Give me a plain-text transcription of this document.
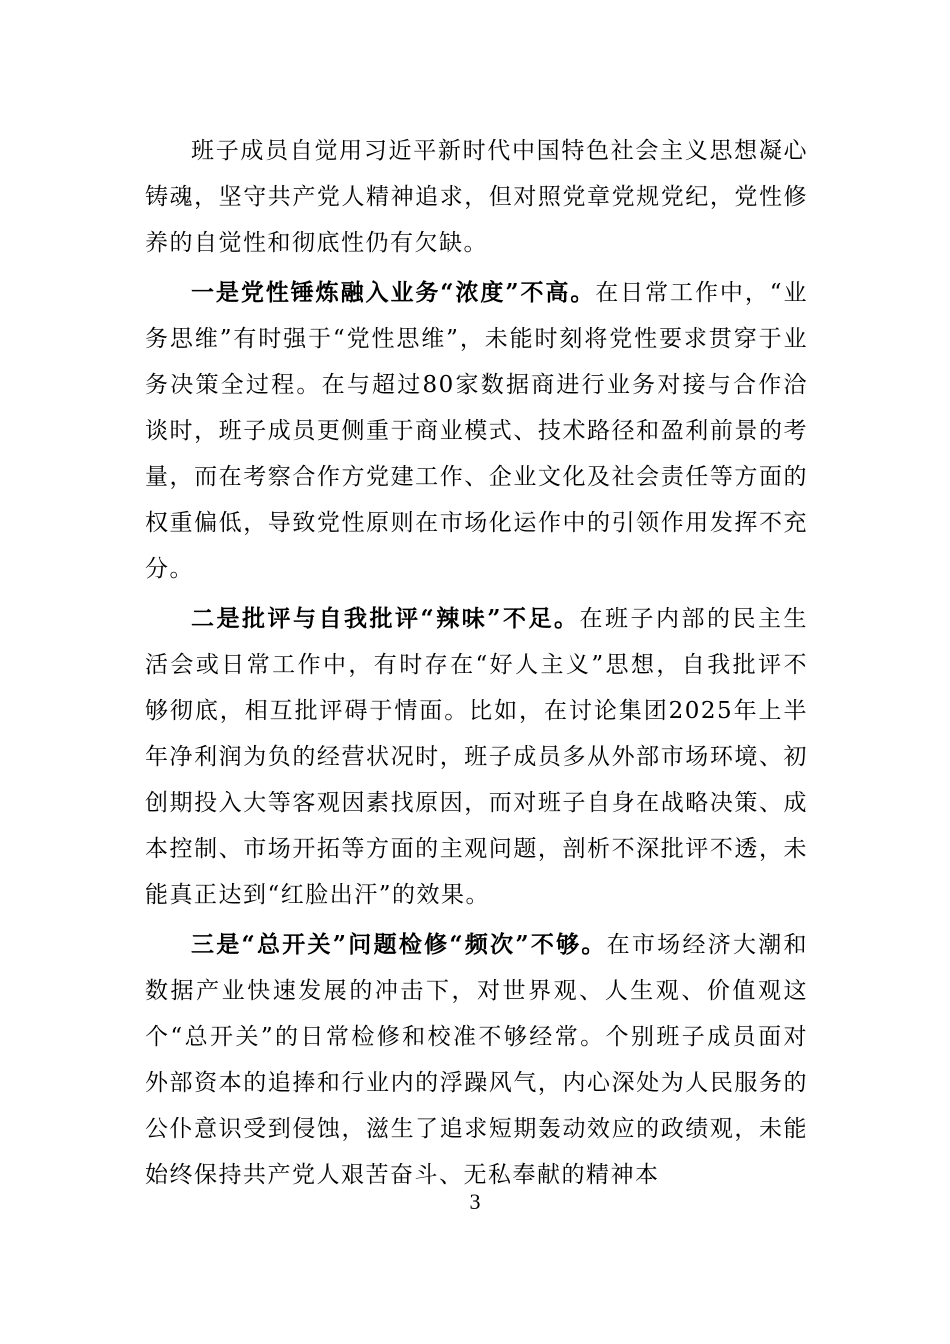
班子成员自觉用习近平新时代中国特色社会主义思想凝心铸魂，坚守共产党人精神追求，但对照党章党规党纪，党性修养的自觉性和彻底性仍有欠缺。

一是党性锤炼融入业务“浓度”不高。在日常工作中，“业务思维”有时强于“党性思维”，未能时刻将党性要求贯穿于业务决策全过程。在与超过80家数据商进行业务对接与合作洽谈时，班子成员更侧重于商业模式、技术路径和盈利前景的考量，而在考察合作方党建工作、企业文化及社会责任等方面的权重偏低，导致党性原则在市场化运作中的引领作用发挥不充分。

二是批评与自我批评“辣味”不足。在班子内部的民主生活会或日常工作中，有时存在“好人主义”思想，自我批评不够彻底，相互批评碍于情面。比如，在讨论集团2025年上半年净利润为负的经营状况时，班子成员多从外部市场环境、初创期投入大等客观因素找原因，而对班子自身在战略决策、成本控制、市场开拓等方面的主观问题，剖析不深批评不透，未能真正达到“红脸出汗”的效果。

三是“总开关”问题检修“频次”不够。在市场经济大潮和数据产业快速发展的冲击下，对世界观、人生观、价值观这个“总开关”的日常检修和校准不够经常。个别班子成员面对外部资本的追捧和行业内的浮躁风气，内心深处为人民服务的公仆意识受到侵蚀，滋生了追求短期轰动效应的政绩观，未能始终保持共产党人艰苦奋斗、无私奉献的精神本

3
